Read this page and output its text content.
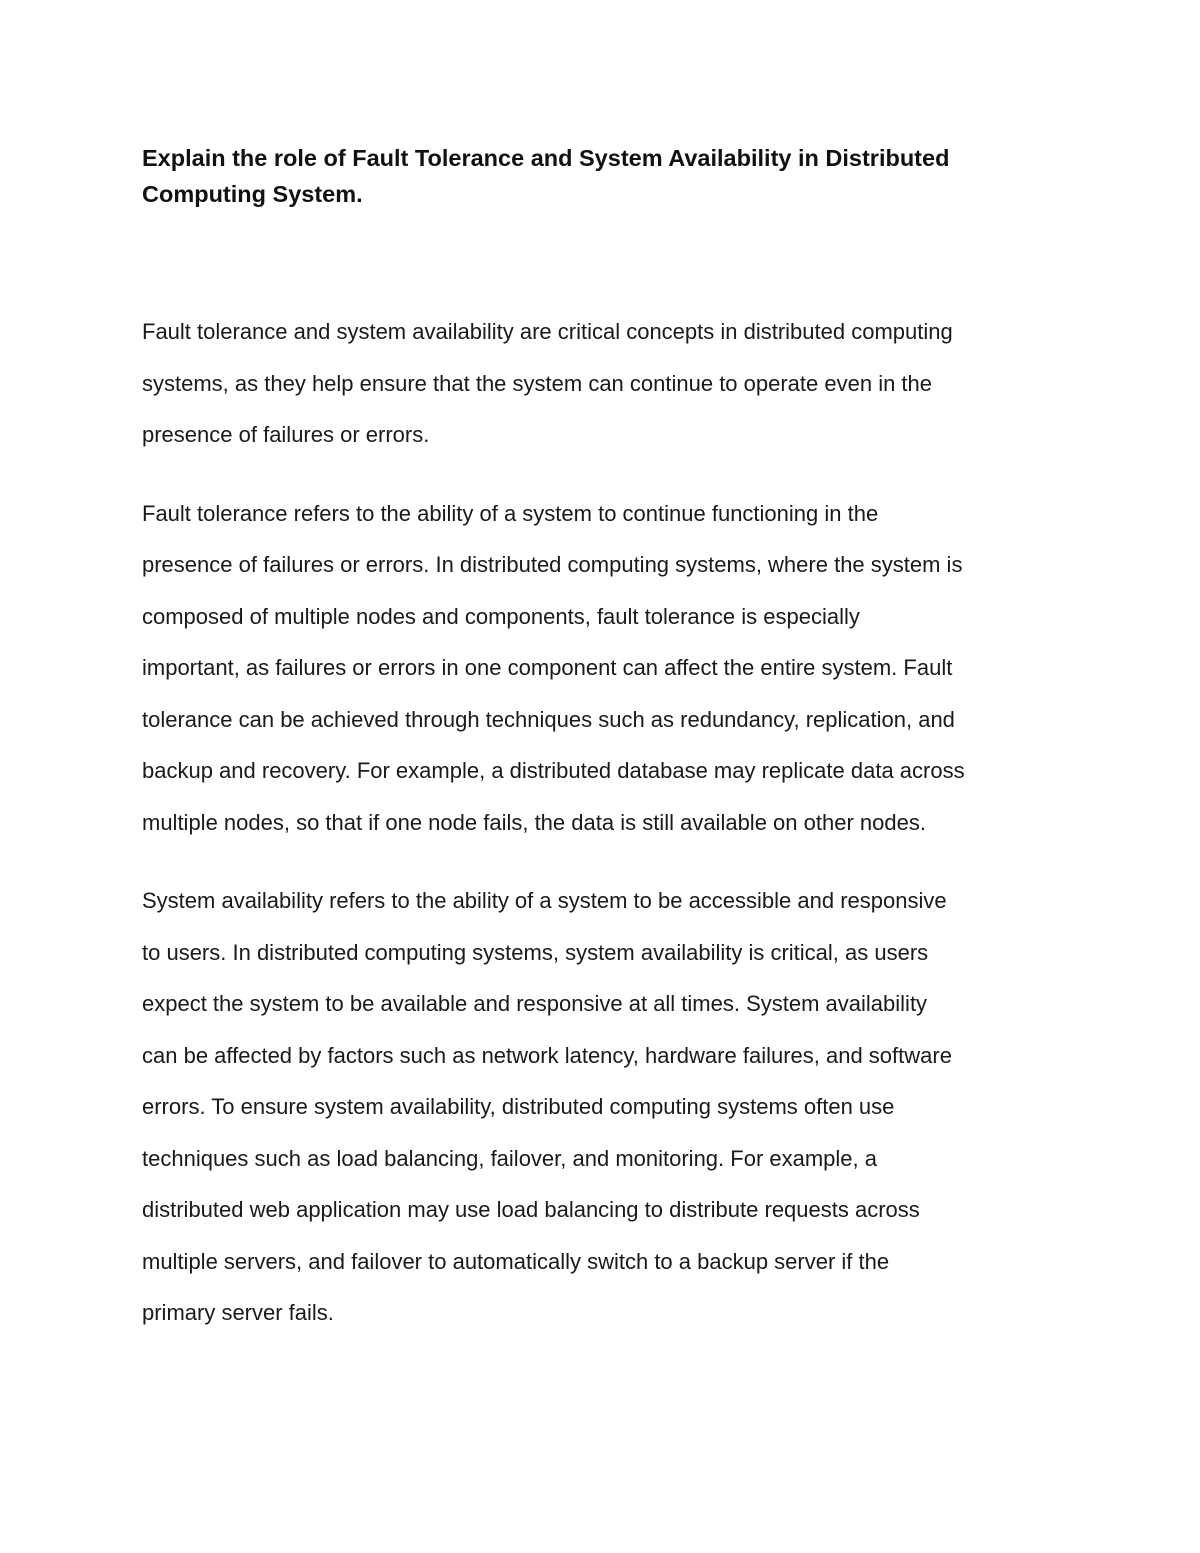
Explain the role of Fault Tolerance and System Availability in Distributed
Computing System.

Fault tolerance and system availability are critical concepts in distributed computing
systems, as they help ensure that the system can continue to operate even in the
presence of failures or errors.

Fault tolerance refers to the ability of a system to continue functioning in the
presence of failures or errors. In distributed computing systems, where the system is
composed of multiple nodes and components, fault tolerance is especially
important, as failures or errors in one component can affect the entire system. Fault
tolerance can be achieved through techniques such as redundancy, replication, and
backup and recovery. For example, a distributed database may replicate data across
multiple nodes, so that if one node fails, the data is still available on other nodes.

System availability refers to the ability of a system to be accessible and responsive
to users. In distributed computing systems, system availability is critical, as users
expect the system to be available and responsive at all times. System availability
can be affected by factors such as network latency, hardware failures, and software
errors. To ensure system availability, distributed computing systems often use
techniques such as load balancing, failover, and monitoring. For example, a
distributed web application may use load balancing to distribute requests across
multiple servers, and failover to automatically switch to a backup server if the
primary server fails.
